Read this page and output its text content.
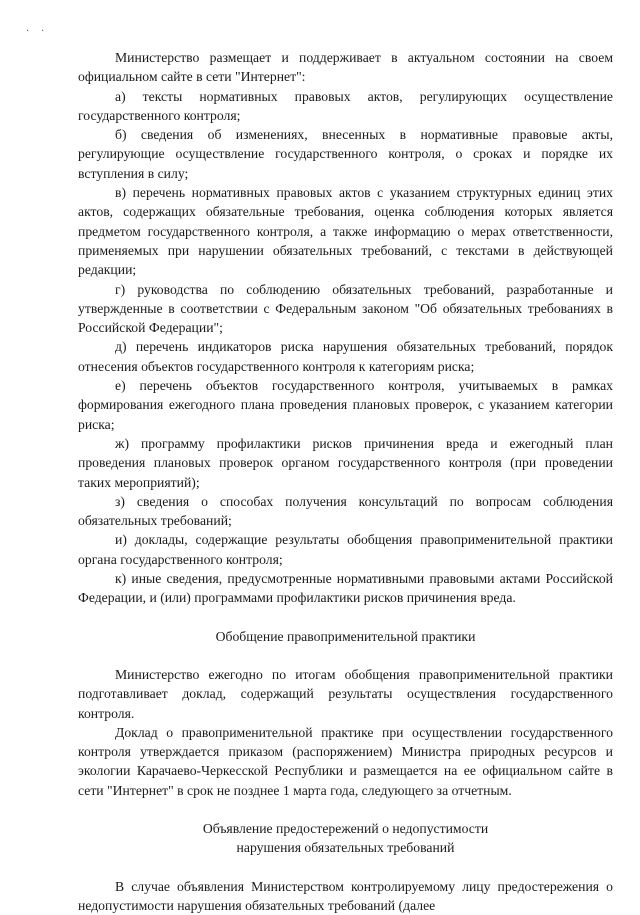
··

Министерство размещает и поддерживает в актуальном состоянии на своем официальном сайте в сети "Интернет":

а) тексты нормативных правовых актов, регулирующих осуществление государственного контроля;

б) сведения об изменениях, внесенных в нормативные правовые акты, регулирующие осуществление государственного контроля, о сроках и порядке их вступления в силу;

в) перечень нормативных правовых актов с указанием структурных единиц этих актов, содержащих обязательные требования, оценка соблюдения которых является предметом государственного контроля, а также информацию о мерах ответственности, применяемых при нарушении обязательных требований, с текстами в действующей редакции;

г) руководства по соблюдению обязательных требований, разработанные и утвержденные в соответствии с Федеральным законом "Об обязательных требованиях в Российской Федерации";

д) перечень индикаторов риска нарушения обязательных требований, порядок отнесения объектов государственного контроля к категориям риска;

е) перечень объектов государственного контроля, учитываемых в рамках формирования ежегодного плана проведения плановых проверок, с указанием категории риска;

ж) программу профилактики рисков причинения вреда и ежегодный план проведения плановых проверок органом государственного контроля (при проведении таких мероприятий);

з) сведения о способах получения консультаций по вопросам соблюдения обязательных требований;

и) доклады, содержащие результаты обобщения правоприменительной практики органа государственного контроля;

к) иные сведения, предусмотренные нормативными правовыми актами Российской Федерации, и (или) программами профилактики рисков причинения вреда.

Обобщение правоприменительной практики

Министерство ежегодно по итогам обобщения правоприменительной практики подготавливает доклад, содержащий результаты осуществления государственного контроля.

Доклад о правоприменительной практике при осуществлении государственного контроля утверждается приказом (распоряжением) Министра природных ресурсов и экологии Карачаево-Черкесской Республики и размещается на ее официальном сайте в сети "Интернет" в срок не позднее 1 марта года, следующего за отчетным.

Объявление предостережений о недопустимости
нарушения обязательных требований

В случае объявления Министерством контролируемому лицу предостережения о недопустимости нарушения обязательных требований (далее
